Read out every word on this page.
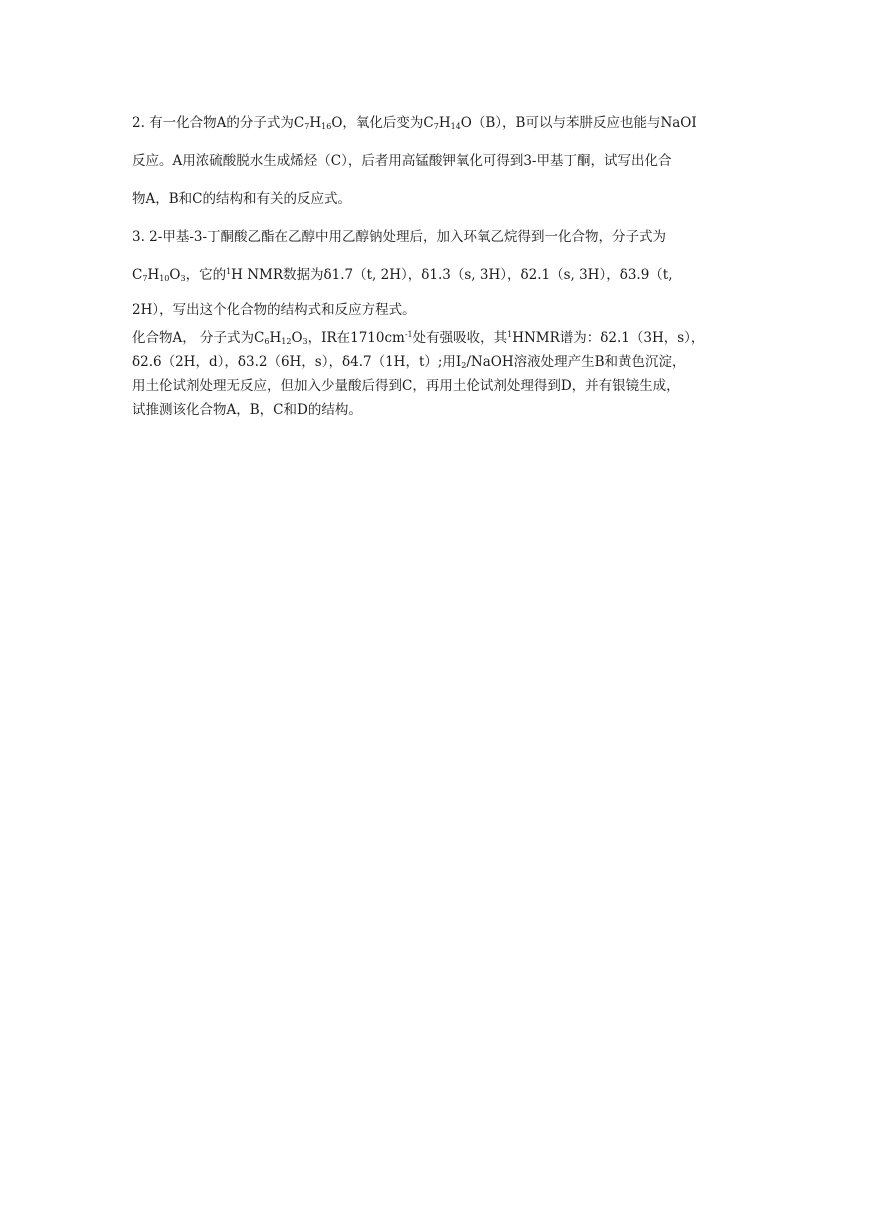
2. 有一化合物A的分子式为$C_7H_{16}O$，氧化后变为$C_7H_{14}O(B)$，B可以与苯肼反应也能与NaOI

反应。A用浓硫酸脱水生成烯烃（C），后者用高锰酸钾氧化可得到3-甲基丁酮，试写出化合

物A，B和C的结构和有关的反应式。

3. 2-甲基-3-丁酮酸乙酯在乙醇中用乙醇钠处理后，加入环氧乙烷得到一化合物，分子式为

$C_7H_{10}O_3$，它的$^1$H NMR数据为δ1.7（t, 2H），δ1.3（s, 3H），δ2.1（s, 3H），δ3.9（t,

2H），写出这个化合物的结构式和反应方程式。

化合物A， 分子式为$C_6H_{12}O_3$，IR在$1710cm^{-1}$处有强吸收，其$^1$HNMR谱为：δ2.1（3H，s），

δ2.6（2H，d），δ3.2（6H，s），δ4.7（1H，t）;用$I_2$/NaOH溶液处理产生B和黄色沉淀，

用土伦试剂处理无反应，但加入少量酸后得到C，再用土伦试剂处理得到D，并有银镜生成，

试推测该化合物A，B，C和D的结构。
